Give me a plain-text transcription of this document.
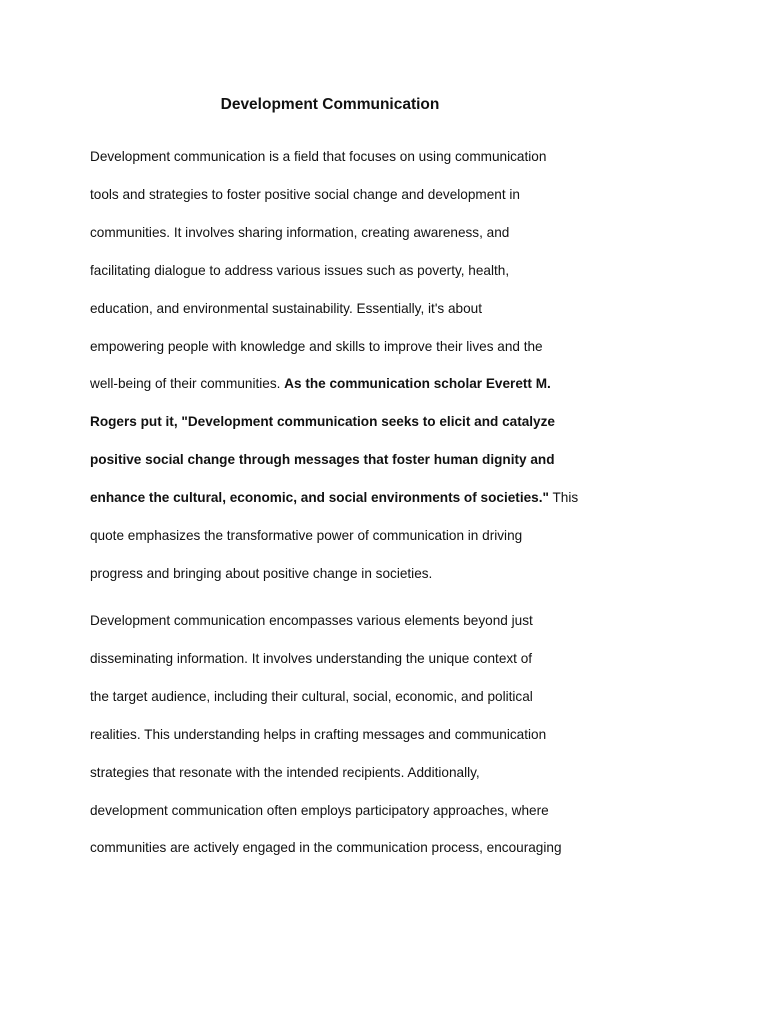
Development Communication
Development communication is a field that focuses on using communication
tools and strategies to foster positive social change and development in
communities. It involves sharing information, creating awareness, and
facilitating dialogue to address various issues such as poverty, health,
education, and environmental sustainability. Essentially, it's about
empowering people with knowledge and skills to improve their lives and the
well-being of their communities. As the communication scholar Everett M.
Rogers put it, "Development communication seeks to elicit and catalyze
positive social change through messages that foster human dignity and
enhance the cultural, economic, and social environments of societies." This
quote emphasizes the transformative power of communication in driving
progress and bringing about positive change in societies.
Development communication encompasses various elements beyond just
disseminating information. It involves understanding the unique context of
the target audience, including their cultural, social, economic, and political
realities. This understanding helps in crafting messages and communication
strategies that resonate with the intended recipients. Additionally,
development communication often employs participatory approaches, where
communities are actively engaged in the communication process, encouraging
